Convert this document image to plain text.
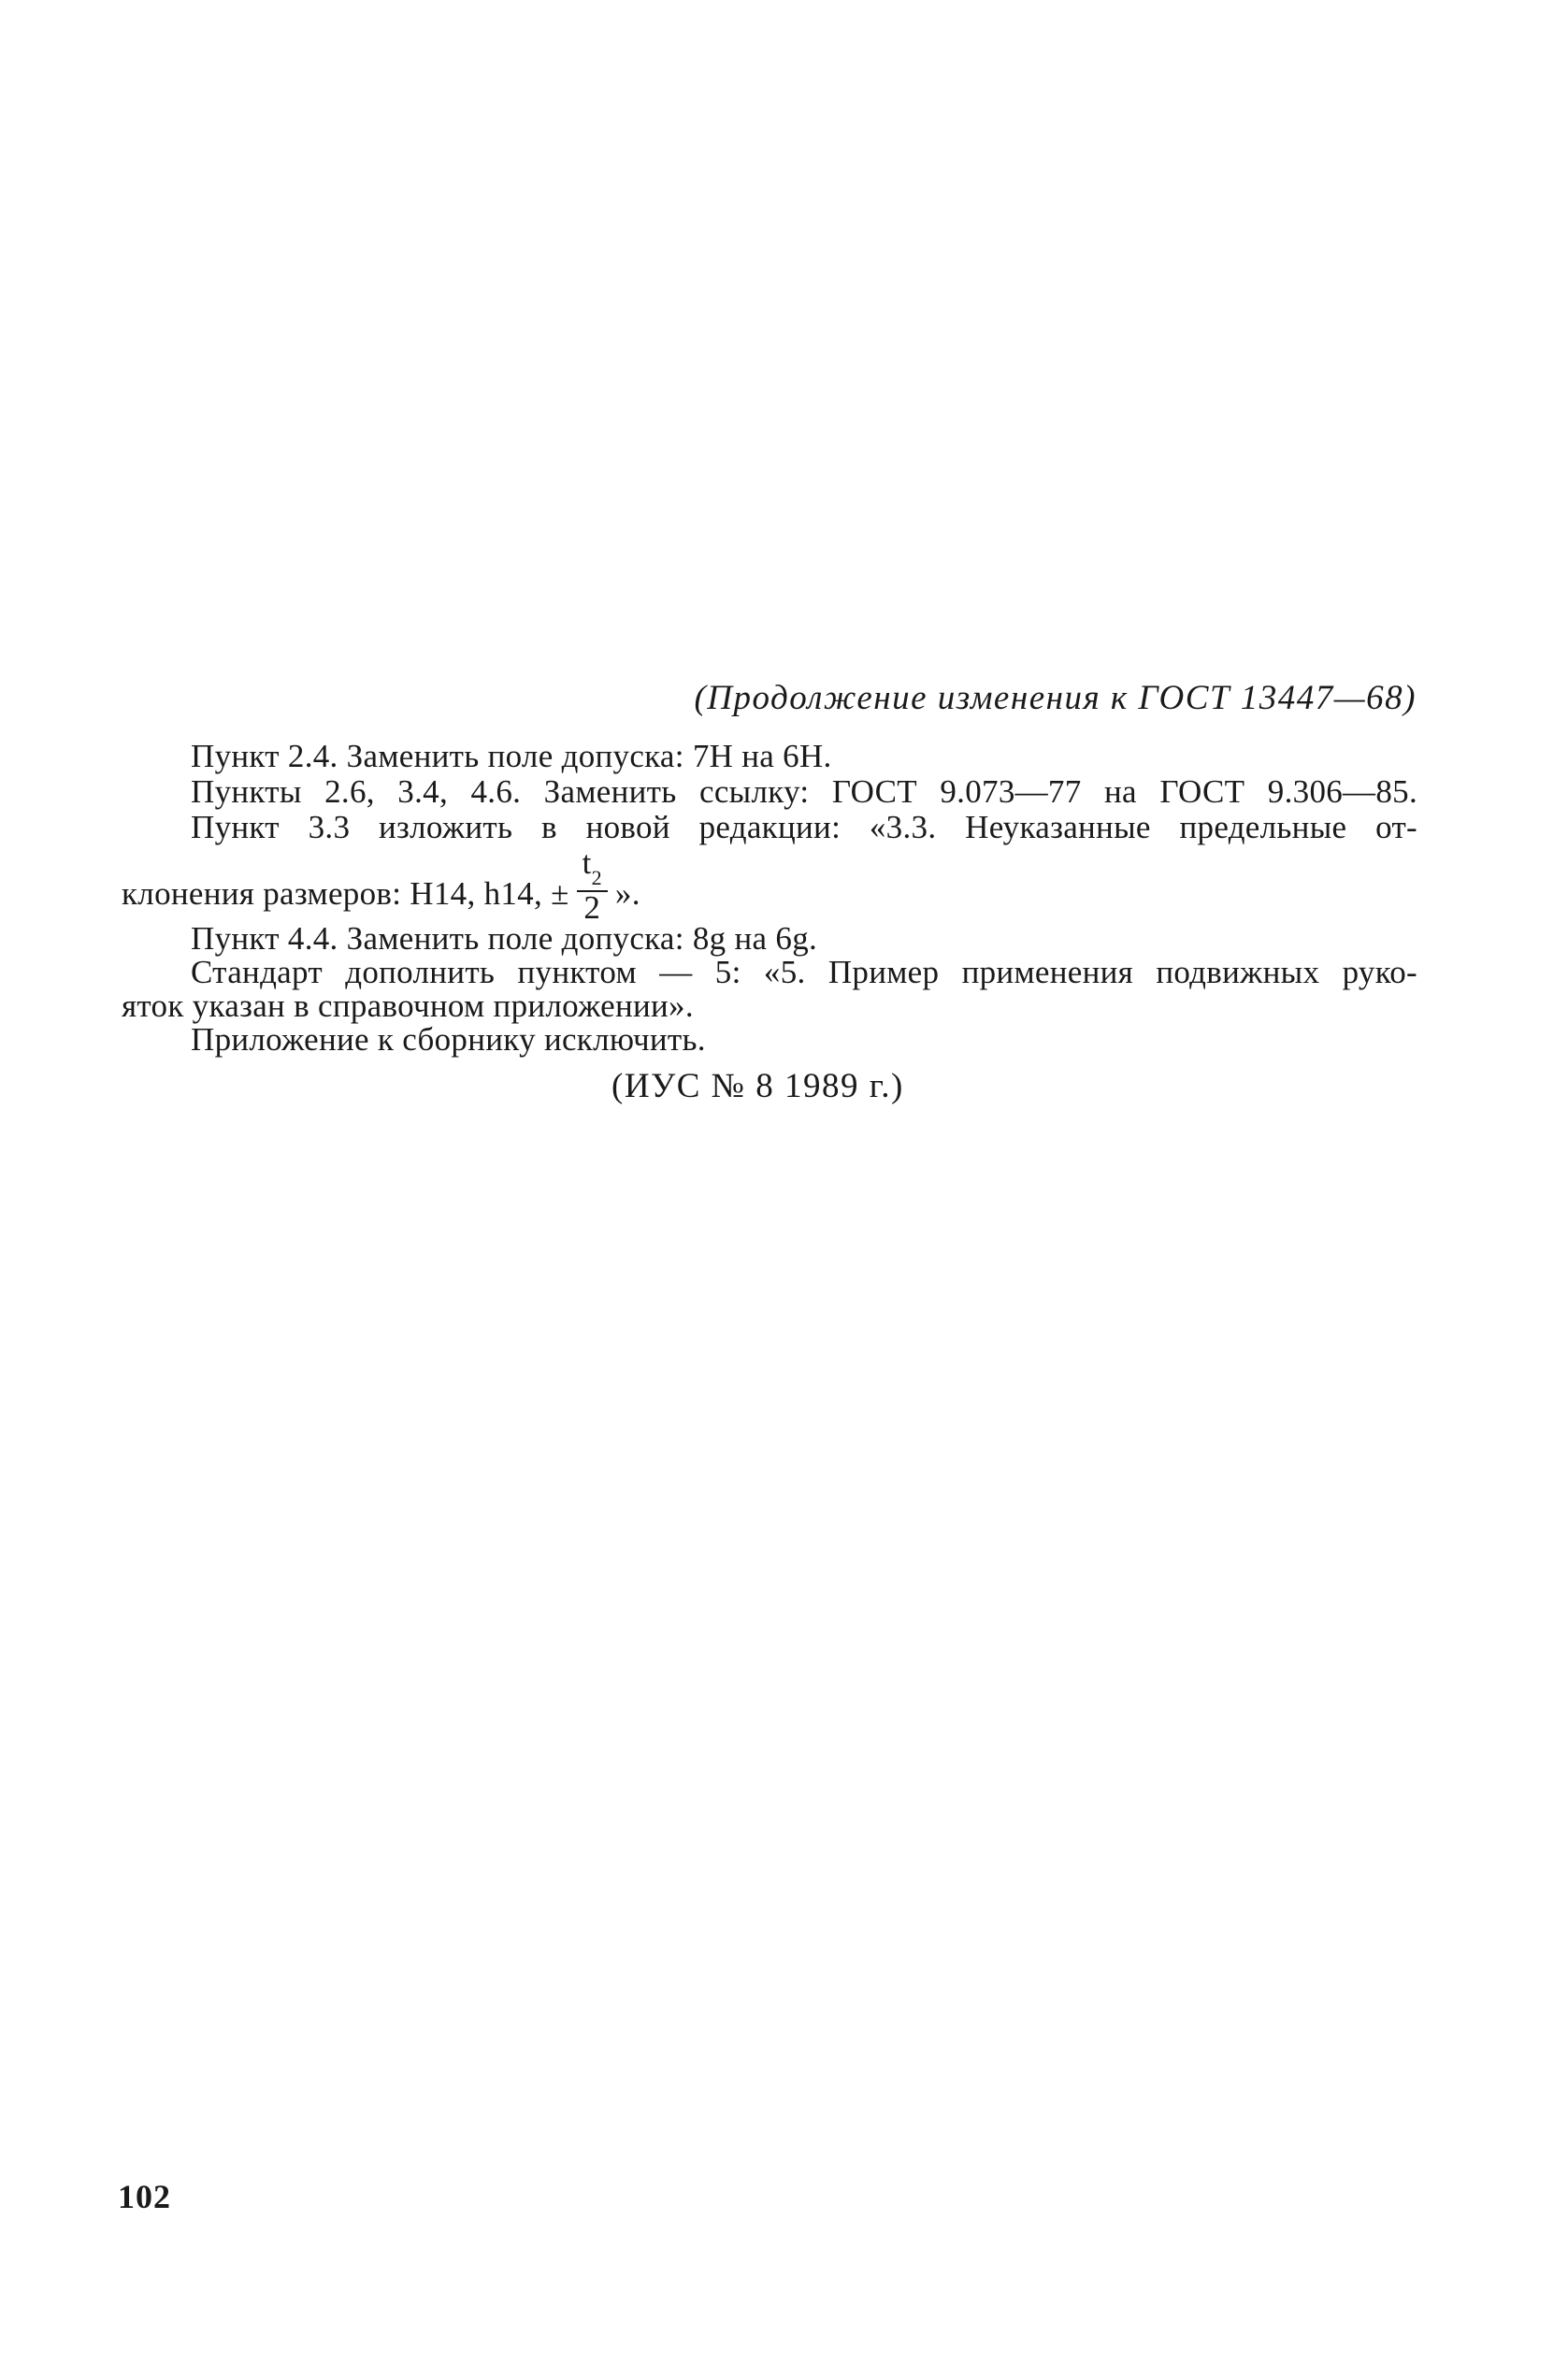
(Продолжение изменения к ГОСТ 13447—68)
Пункт 2.4. Заменить поле допуска: 7Н на 6Н.
Пункты 2.6, 3.4, 4.6. Заменить ссылку: ГОСТ 9.073—77 на ГОСТ 9.306—85.
Пункт 3.3 изложить в новой редакции: «3.3. Неуказанные предельные от-
клонения размеров: H14, h14, ± $\frac{t_2}{2}$ ».
Пункт 4.4. Заменить поле допуска: 8g на 6g.
Стандарт дополнить пунктом — 5: «5. Пример применения подвижных руко-
яток указан в справочном приложении».
Приложение к сборнику исключить.
(ИУС № 8 1989 г.)
102
